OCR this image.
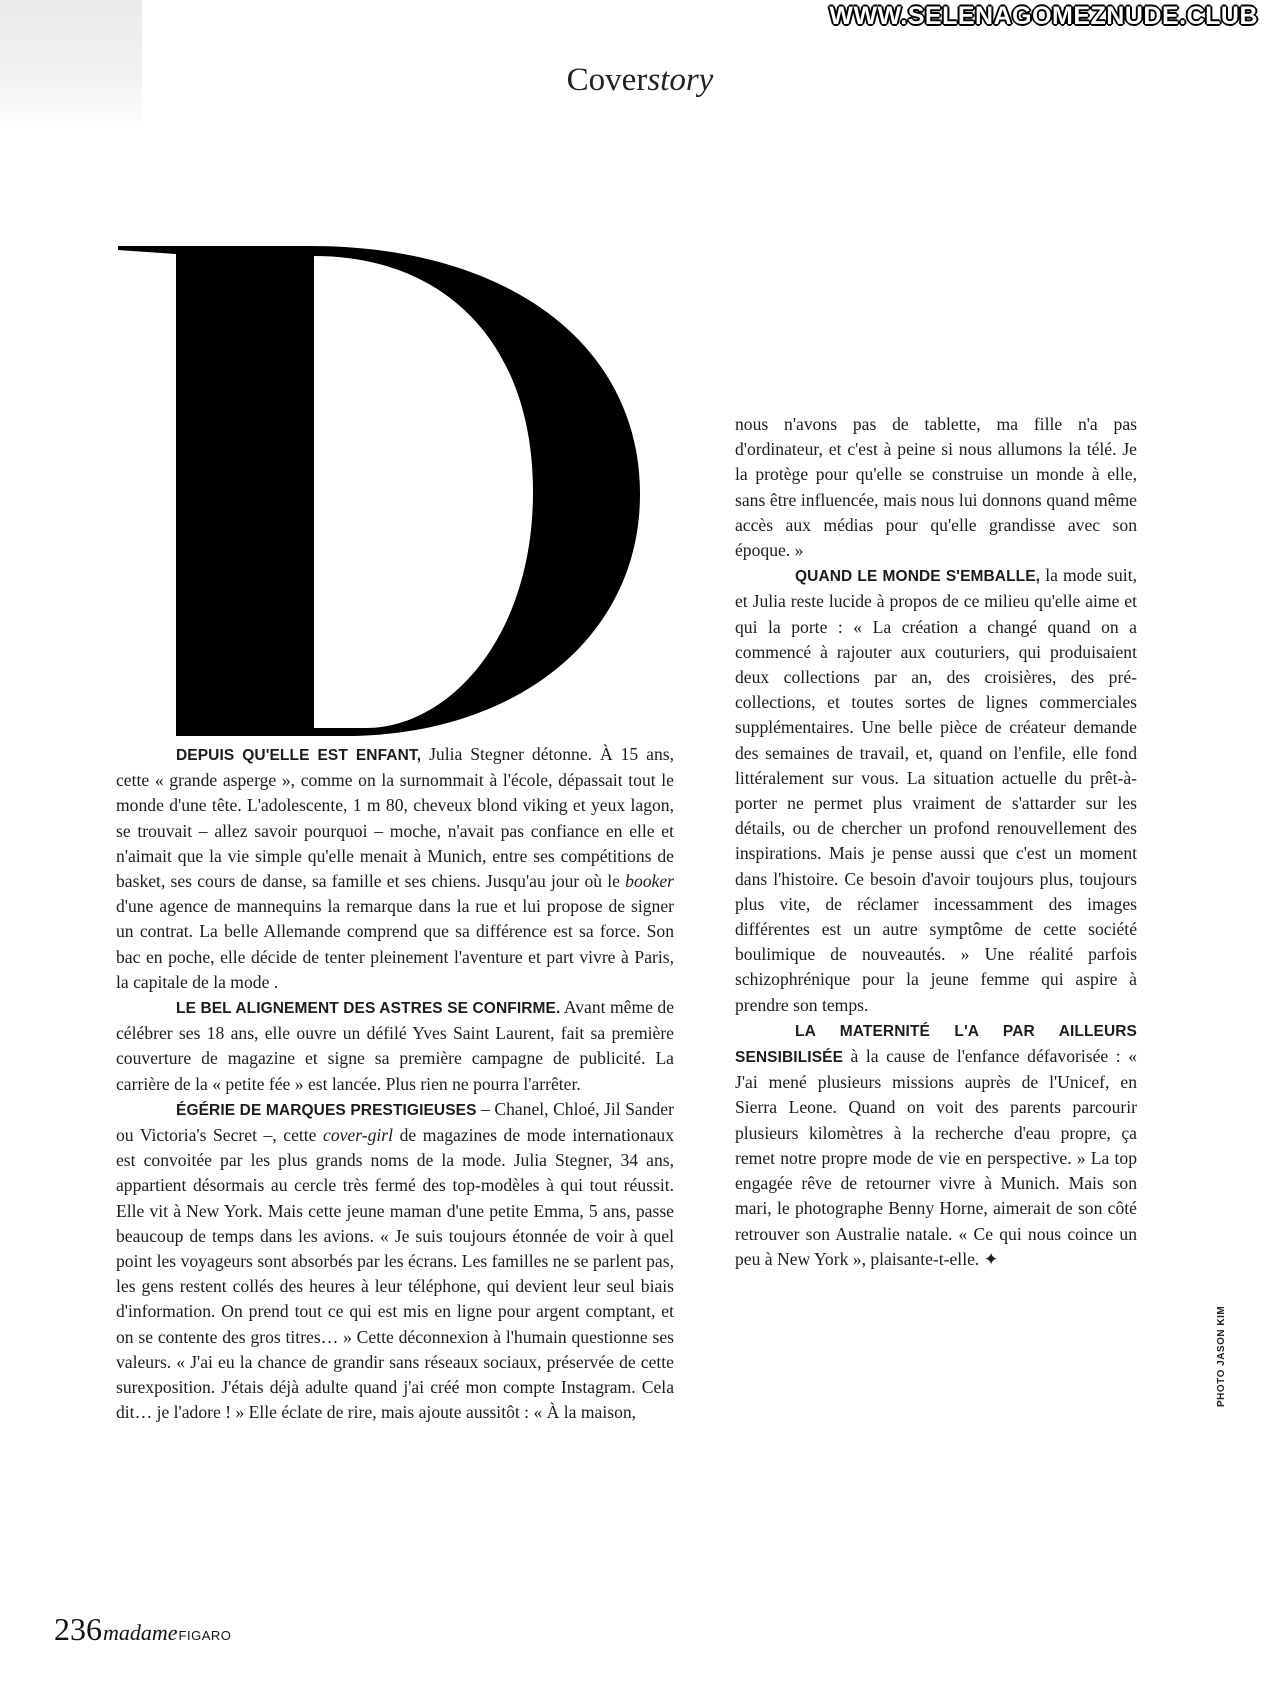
WWW.SELENAGOMEZNUDE.CLUB
Coverstory

DEPUIS QU'ELLE EST ENFANT, Julia Stegner détonne. À 15 ans, cette « grande asperge », comme on la surnommait à l'école, dépassait tout le monde d'une tête. L'adolescente, 1 m 80, cheveux blond viking et yeux lagon, se trouvait – allez savoir pourquoi – moche, n'avait pas confiance en elle et n'aimait que la vie simple qu'elle menait à Munich, entre ses compétitions de basket, ses cours de danse, sa famille et ses chiens. Jusqu'au jour où le booker d'une agence de mannequins la remarque dans la rue et lui propose de signer un contrat. La belle Allemande comprend que sa différence est sa force. Son bac en poche, elle décide de tenter pleinement l'aventure et part vivre à Paris, la capitale de la mode .

LE BEL ALIGNEMENT DES ASTRES SE CONFIRME. Avant même de célébrer ses 18 ans, elle ouvre un défilé Yves Saint Laurent, fait sa première couverture de magazine et signe sa première campagne de publicité. La carrière de la « petite fée » est lancée. Plus rien ne pourra l'arrêter.

ÉGÉRIE DE MARQUES PRESTIGIEUSES – Chanel, Chloé, Jil Sander ou Victoria's Secret –, cette cover-girl de magazines de mode internationaux est convoitée par les plus grands noms de la mode. Julia Stegner, 34 ans, appartient désormais au cercle très fermé des top-modèles à qui tout réussit. Elle vit à New York. Mais cette jeune maman d'une petite Emma, 5 ans, passe beaucoup de temps dans les avions. « Je suis toujours étonnée de voir à quel point les voyageurs sont absorbés par les écrans. Les familles ne se parlent pas, les gens restent collés des heures à leur téléphone, qui devient leur seul biais d'information. On prend tout ce qui est mis en ligne pour argent comptant, et on se contente des gros titres… » Cette déconnexion à l'humain questionne ses valeurs. « J'ai eu la chance de grandir sans réseaux sociaux, préservée de cette surexposition. J'étais déjà adulte quand j'ai créé mon compte Instagram. Cela dit… je l'adore ! » Elle éclate de rire, mais ajoute aussitôt : « À la maison,

nous n'avons pas de tablette, ma fille n'a pas d'ordinateur, et c'est à peine si nous allumons la télé. Je la protège pour qu'elle se construise un monde à elle, sans être influencée, mais nous lui donnons quand même accès aux médias pour qu'elle grandisse avec son époque. »

QUAND LE MONDE S'EMBALLE, la mode suit, et Julia reste lucide à propos de ce milieu qu'elle aime et qui la porte : « La création a changé quand on a commencé à rajouter aux couturiers, qui produisaient deux collections par an, des croisières, des pré-collections, et toutes sortes de lignes commerciales supplémentaires. Une belle pièce de créateur demande des semaines de travail, et, quand on l'enfile, elle fond littéralement sur vous. La situation actuelle du prêt-à-porter ne permet plus vraiment de s'attarder sur les détails, ou de chercher un profond renouvellement des inspirations. Mais je pense aussi que c'est un moment dans l'histoire. Ce besoin d'avoir toujours plus, toujours plus vite, de réclamer incessamment des images différentes est un autre symptôme de cette société boulimique de nouveautés. » Une réalité parfois schizophrénique pour la jeune femme qui aspire à prendre son temps.

LA MATERNITÉ L'A PAR AILLEURS SENSIBILISÉE à la cause de l'enfance défavorisée : « J'ai mené plusieurs missions auprès de l'Unicef, en Sierra Leone. Quand on voit des parents parcourir plusieurs kilomètres à la recherche d'eau propre, ça remet notre propre mode de vie en perspective. » La top engagée rêve de retourner vivre à Munich. Mais son mari, le photographe Benny Horne, aimerait de son côté retrouver son Australie natale. « Ce qui nous coince un peu à New York », plaisante-t-elle. ✦

PHOTO JASON KIM
236 madame FIGARO
